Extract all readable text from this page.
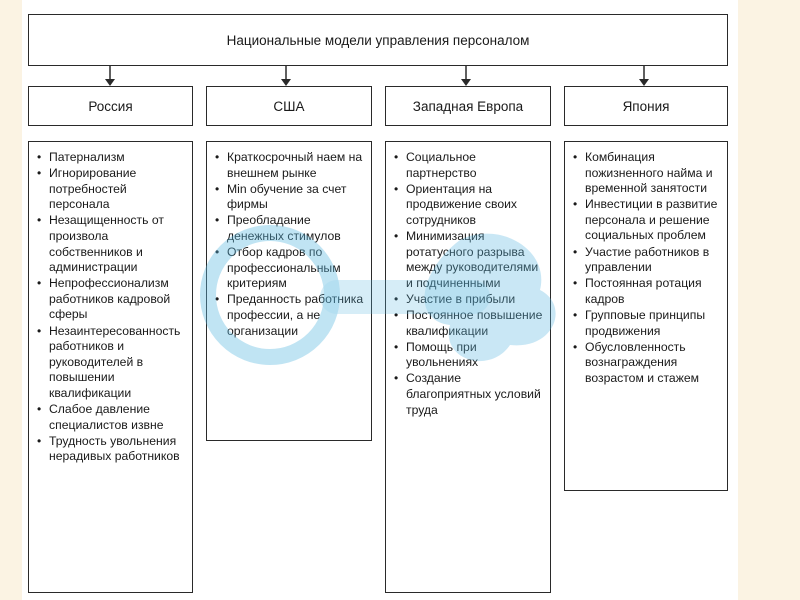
Национальные модели управления персоналом
Россия	США	Западная Европа	Япония
• Патернализм
• Игнорирование потребностей персонала
• Незащищенность от произвола собственников и администрации
• Непрофессионализм работников кадровой сферы
• Незаинтересованность работников и руководителей в повышении квалификации
• Слабое давление специалистов извне
• Трудность увольнения нерадивых работников
• Краткосрочный наем на внешнем рынке
• Min обучение за счет фирмы
• Преобладание денежных стимулов
• Отбор кадров по профессиональным критериям
• Преданность работника профессии, а не организации
• Социальное партнерство
• Ориентация на продвижение своих сотрудников
• Минимизация ротатусного разрыва между руководителями и подчиненными
• Участие в прибыли
• Постоянное повышение квалификации
• Помощь при увольнениях
• Создание благоприятных условий труда
• Комбинация пожизненного найма и временной занятости
• Инвестиции в развитие персонала и решение социальных проблем
• Участие работников в управлении
• Постоянная ротация кадров
• Групповые принципы продвижения
• Обусловленность вознаграждения возрастом и стажем
